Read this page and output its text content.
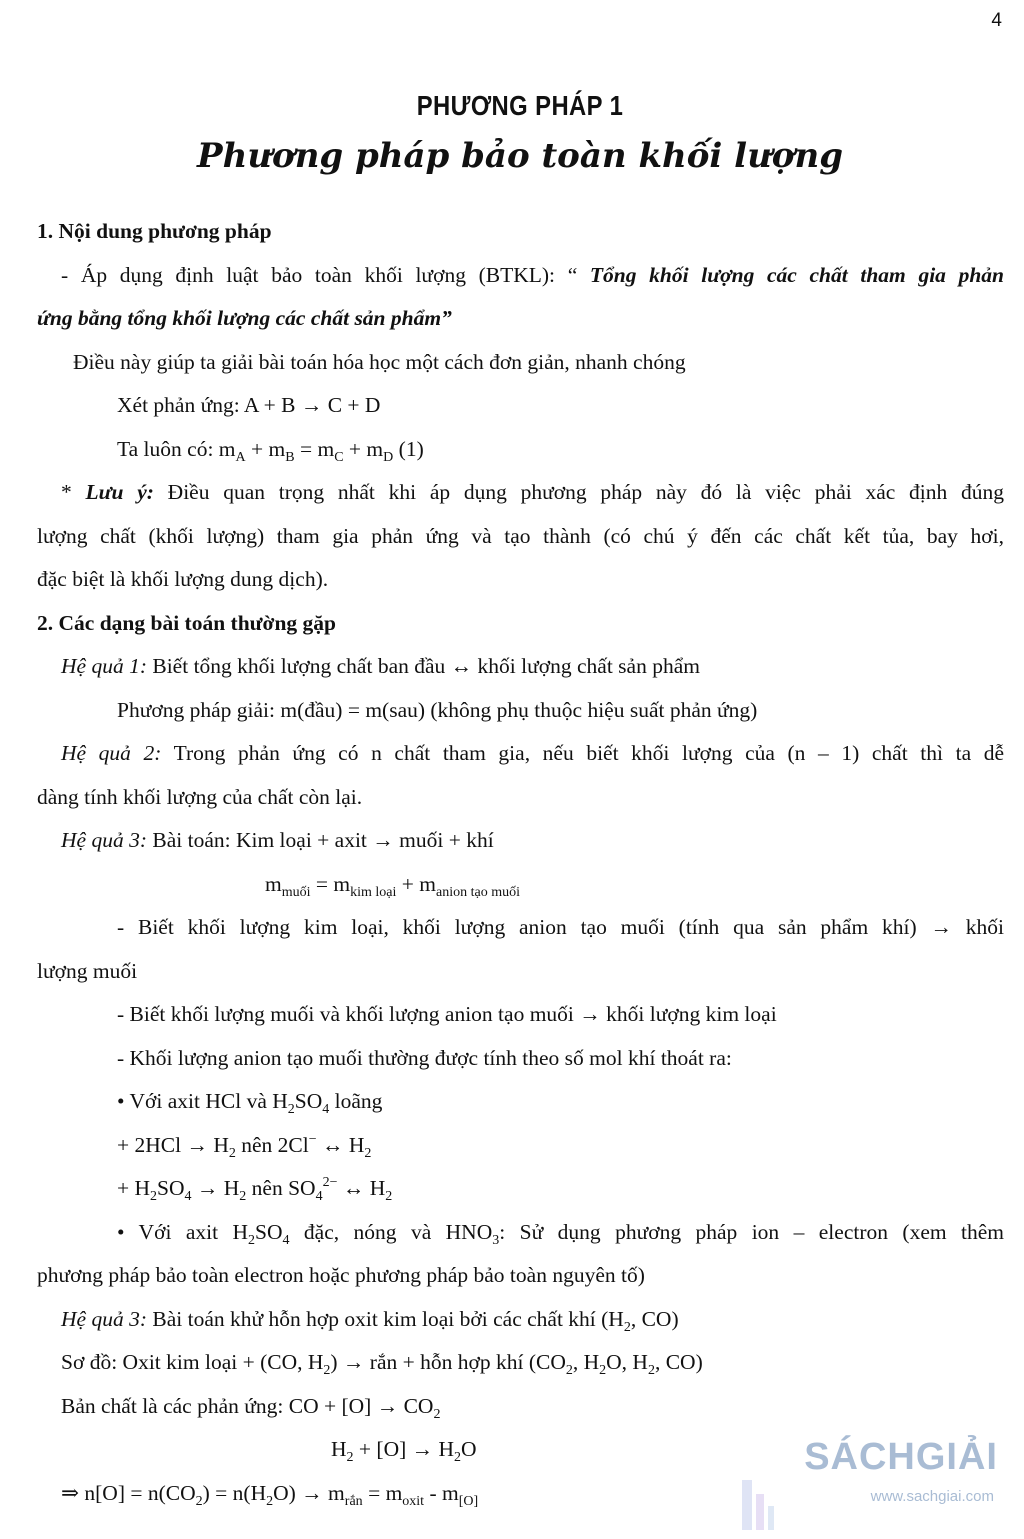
4
PHƯƠNG PHÁP 1
Phương pháp bảo toàn khối lượng
1. Nội dung phương pháp
- Áp dụng định luật bảo toàn khối lượng (BTKL): “ Tổng khối lượng các chất tham gia phản
ứng bằng tổng khối lượng các chất sản phẩm”
Điều này giúp ta giải bài toán hóa học một cách đơn giản, nhanh chóng
Xét phản ứng: A + B → C + D
Ta luôn có: $m_A + m_B = m_C + m_D$ (1)
* Lưu ý: Điều quan trọng nhất khi áp dụng phương pháp này đó là việc phải xác định đúng
lượng chất (khối lượng) tham gia phản ứng và tạo thành (có chú ý đến các chất kết tủa, bay hơi,
đặc biệt là khối lượng dung dịch).
2. Các dạng bài toán thường gặp
Hệ quả 1: Biết tổng khối lượng chất ban đầu ↔ khối lượng chất sản phẩm
Phương pháp giải: m(đầu) = m(sau) (không phụ thuộc hiệu suất phản ứng)
Hệ quả 2: Trong phản ứng có n chất tham gia, nếu biết khối lượng của (n – 1) chất thì ta dễ
dàng tính khối lượng của chất còn lại.
Hệ quả 3: Bài toán: Kim loại + axit → muối + khí
$m_{muối} = m_{kim loại} + m_{anion tạo muối}$
- Biết khối lượng kim loại, khối lượng anion tạo muối (tính qua sản phẩm khí) → khối
lượng muối
- Biết khối lượng muối và khối lượng anion tạo muối → khối lượng kim loại
- Khối lượng anion tạo muối thường được tính theo số mol khí thoát ra:
• Với axit HCl và $H_2SO_4$ loãng
+ $2HCl \to H_2$ nên 2Cl− ↔ $H_2$
+ $H_2SO_4 \to H_2$ nên $SO_4^{2-}$ ↔ $H_2$
• Với axit $H_2SO_4$ đặc, nóng và $HNO_3$: Sử dụng phương pháp ion – electron (xem thêm
phương pháp bảo toàn electron hoặc phương pháp bảo toàn nguyên tố)
Hệ quả 3: Bài toán khử hỗn hợp oxit kim loại bởi các chất khí ($H_2$, CO)
Sơ đồ: Oxit kim loại + (CO, $H_2$) → rắn + hỗn hợp khí ($CO_2$, $H_2O$, $H_2$, CO)
Bản chất là các phản ứng: CO + $[O] \to CO_2$
$H_2 + [O] \to H_2O$
⇒ $n[O] = n(CO_2) = n(H_2O) \to m_{rắn} = m_{oxit} - m_{[O]}$
SÁCHGIẢI
www.sachgiai.com
